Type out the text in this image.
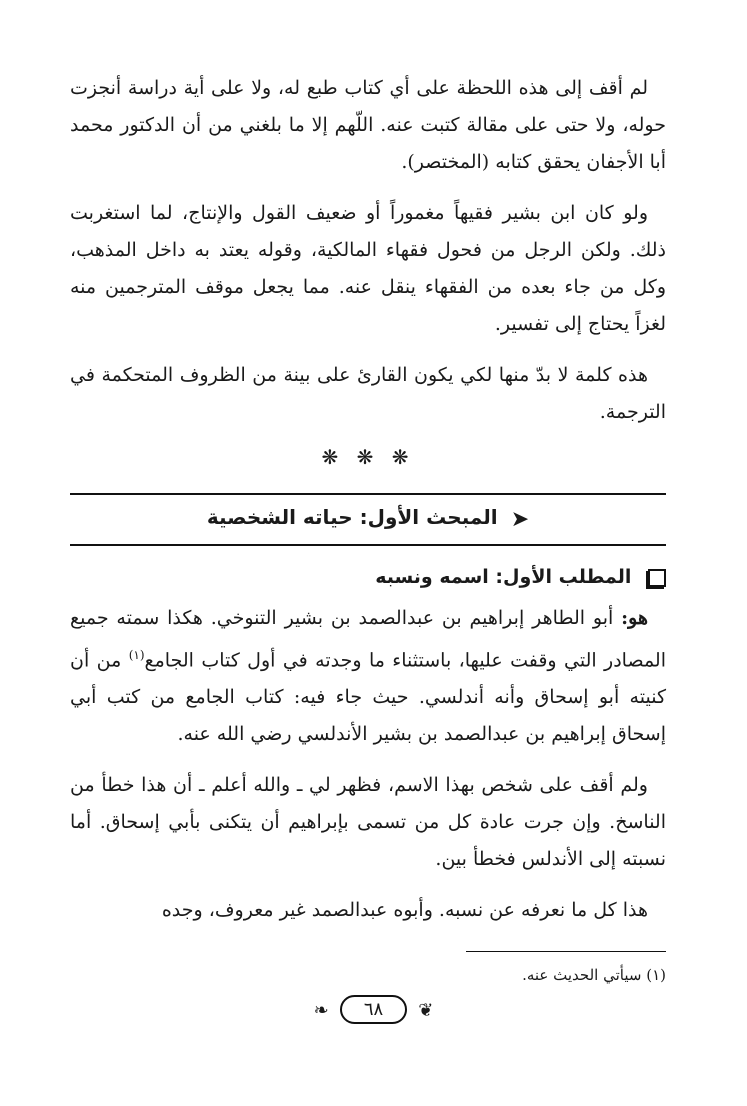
لم أقف إلى هذه اللحظة على أي كتاب طبع له، ولا على أية دراسة أنجزت حوله، ولا حتى على مقالة كتبت عنه. اللّهم إلا ما بلغني من أن الدكتور محمد أبا الأجفان يحقق كتابه (المختصر).

ولو كان ابن بشير فقيهاً مغموراً أو ضعيف القول والإنتاج، لما استغربت ذلك. ولكن الرجل من فحول فقهاء المالكية، وقوله يعتد به داخل المذهب، وكل من جاء بعده من الفقهاء ينقل عنه. مما يجعل موقف المترجمين منه لغزاً يحتاج إلى تفسير.

هذه كلمة لا بدّ منها لكي يكون القارئ على بينة من الظروف المتحكمة في الترجمة.

❋ ❋ ❋
➤ المبحث الأول: حياته الشخصية
المطلب الأول: اسمه ونسبه

هو: أبو الطاهر إبراهيم بن عبدالصمد بن بشير التنوخي. هكذا سمته جميع المصادر التي وقفت عليها، باستثناء ما وجدته في أول كتاب الجامع$^{(١)}$ من أن كنيته أبو إسحاق وأنه أندلسي. حيث جاء فيه: كتاب الجامع من كتب أبي إسحاق إبراهيم بن عبدالصمد بن بشير الأندلسي رضي الله عنه.

ولم أقف على شخص بهذا الاسم، فظهر لي ـ والله أعلم ـ أن هذا خطأ من الناسخ. وإن جرت عادة كل من تسمى بإبراهيم أن يتكنى بأبي إسحاق. أما نسبته إلى الأندلس فخطأ بين.

هذا كل ما نعرفه عن نسبه. وأبوه عبدالصمد غير معروف، وجده

(١) سيأتي الحديث عنه.
❧ ٦٨ ❦
